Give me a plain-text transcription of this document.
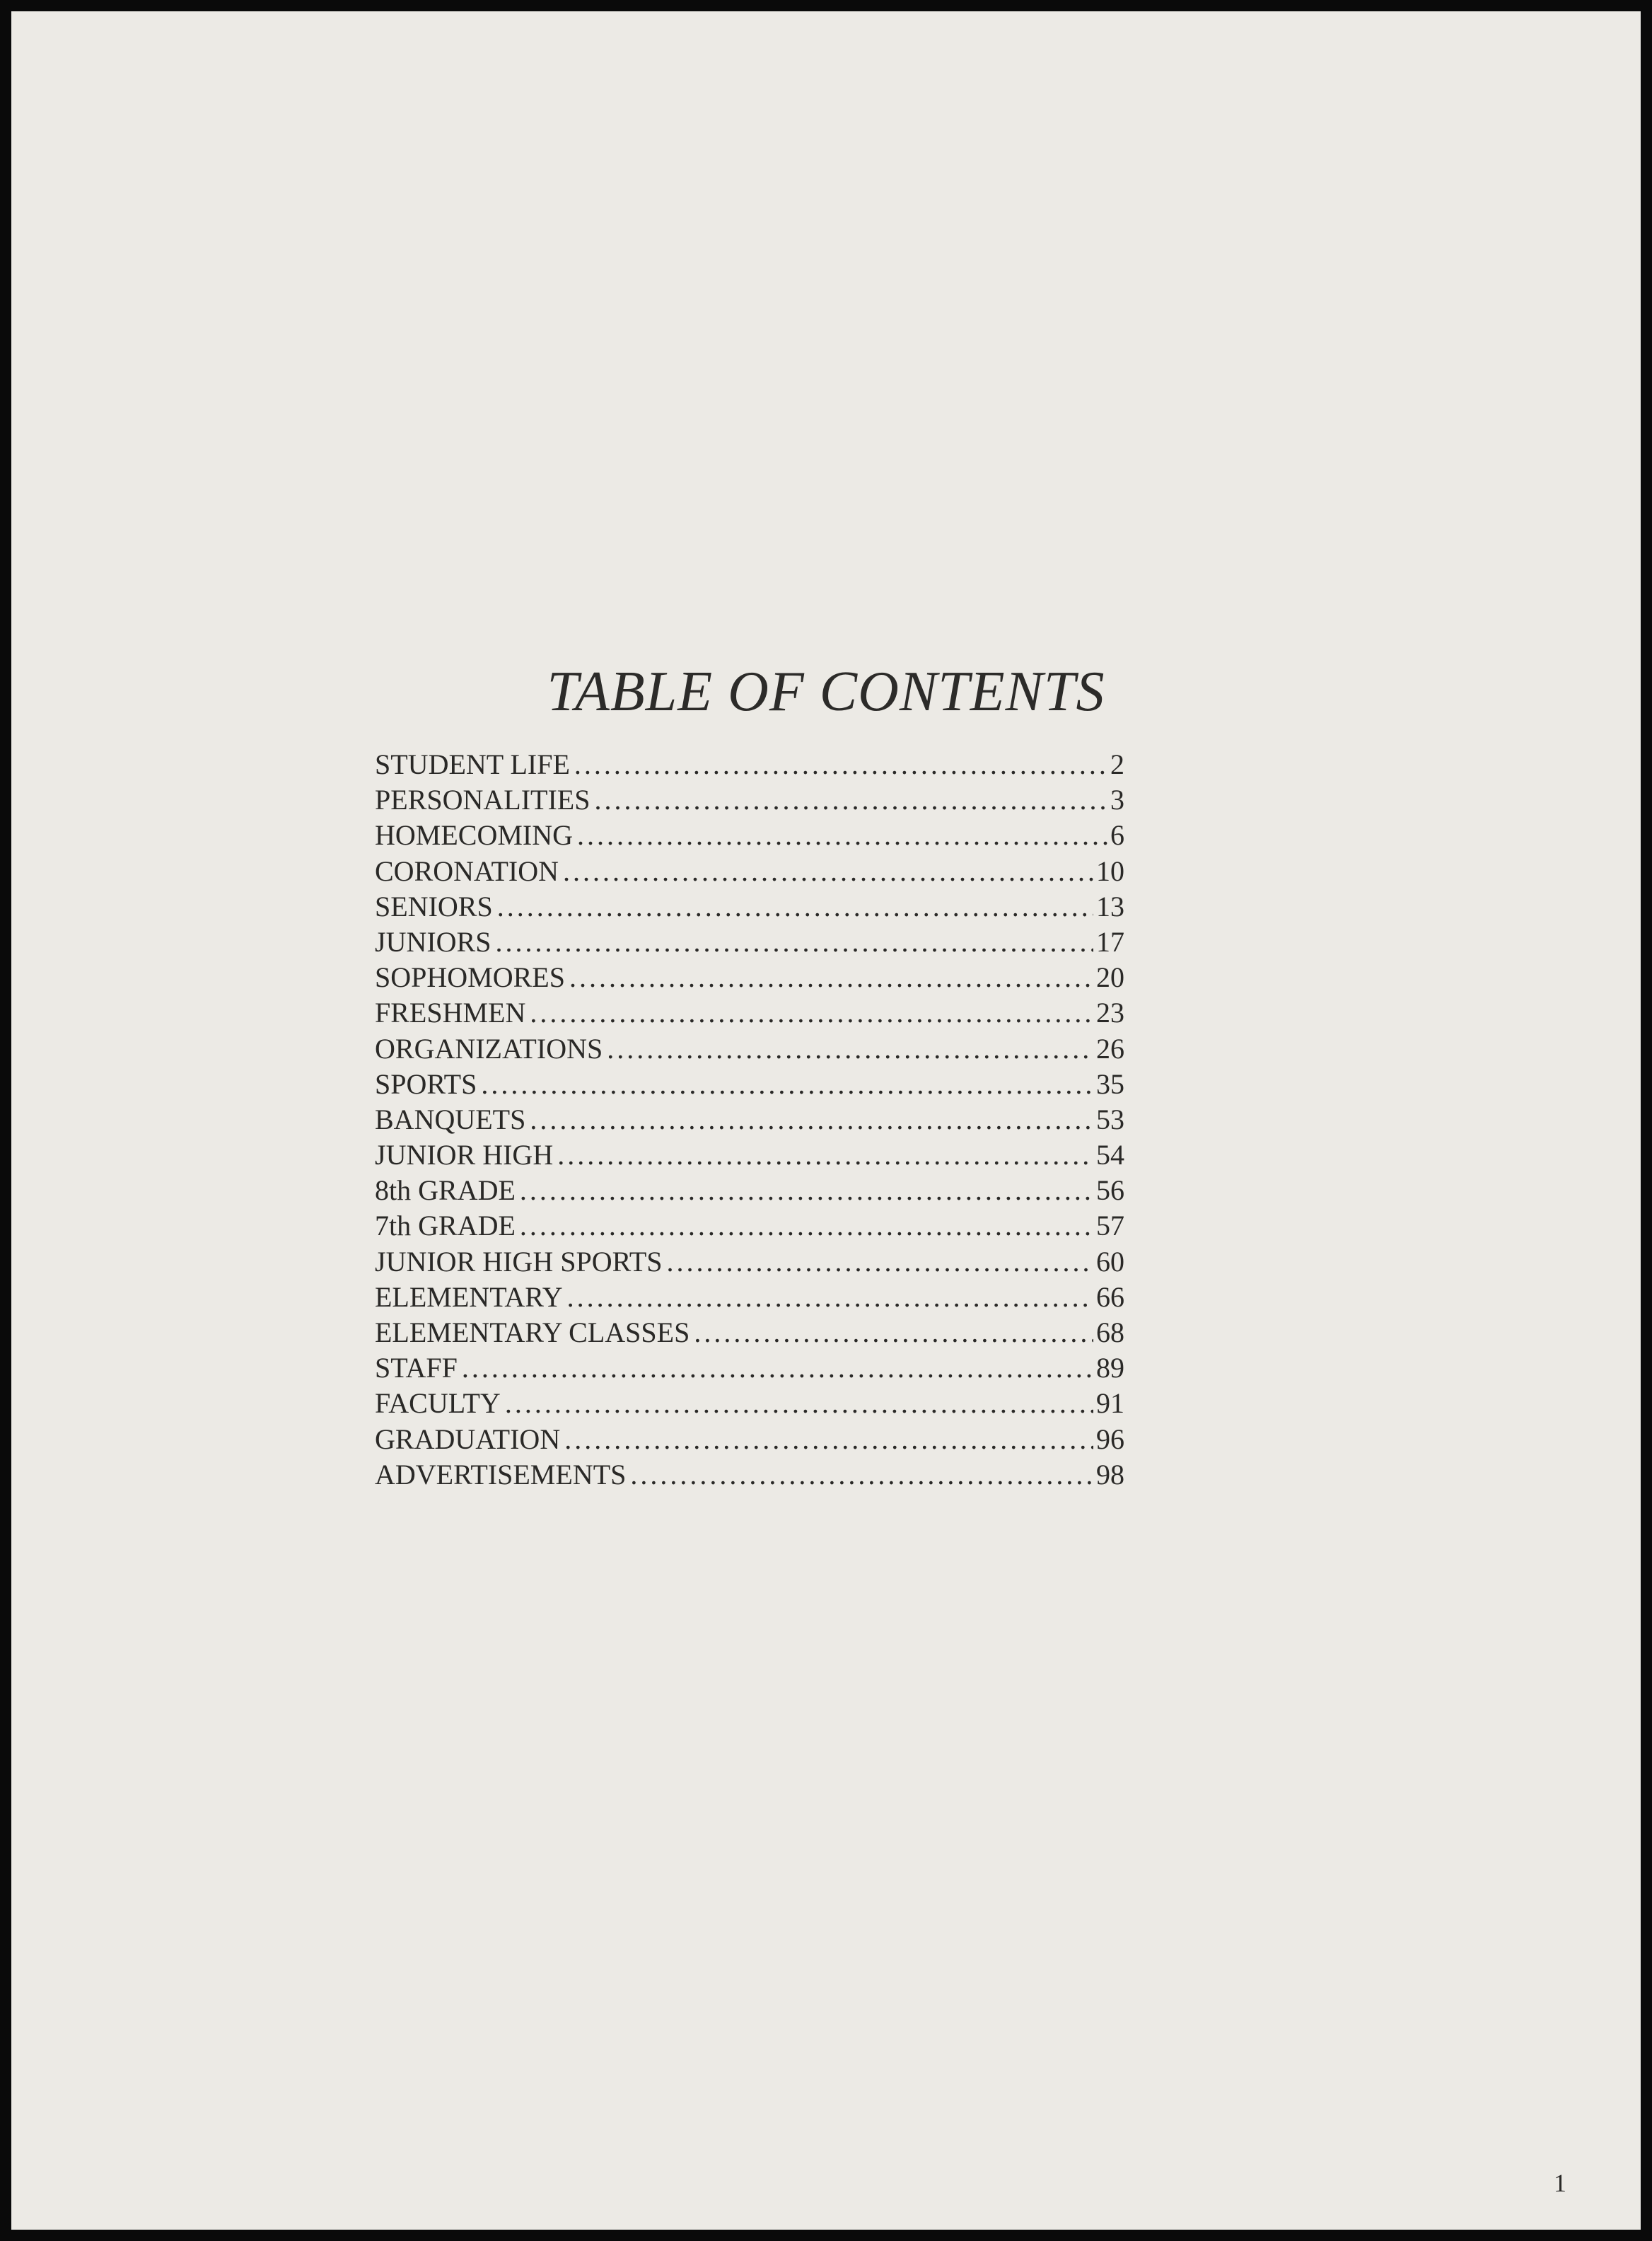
TABLE OF CONTENTS
STUDENT LIFE . . .	2
PERSONALITIES . . .	3
HOMECOMING . . .	6
CORONATION . . .	10
SENIORS . . .	13
JUNIORS . . .	17
SOPHOMORES . . .	20
FRESHMEN . . .	23
ORGANIZATIONS . . .	26
SPORTS . . .	35
BANQUETS . . .	53
JUNIOR HIGH . . .	54
8th GRADE . . .	56
7th GRADE . . .	57
JUNIOR HIGH SPORTS . . .	60
ELEMENTARY . . .	66
ELEMENTARY CLASSES . . .	68
STAFF . . .	89
FACULTY . . .	91
GRADUATION . . .	96
ADVERTISEMENTS . . .	98
1
